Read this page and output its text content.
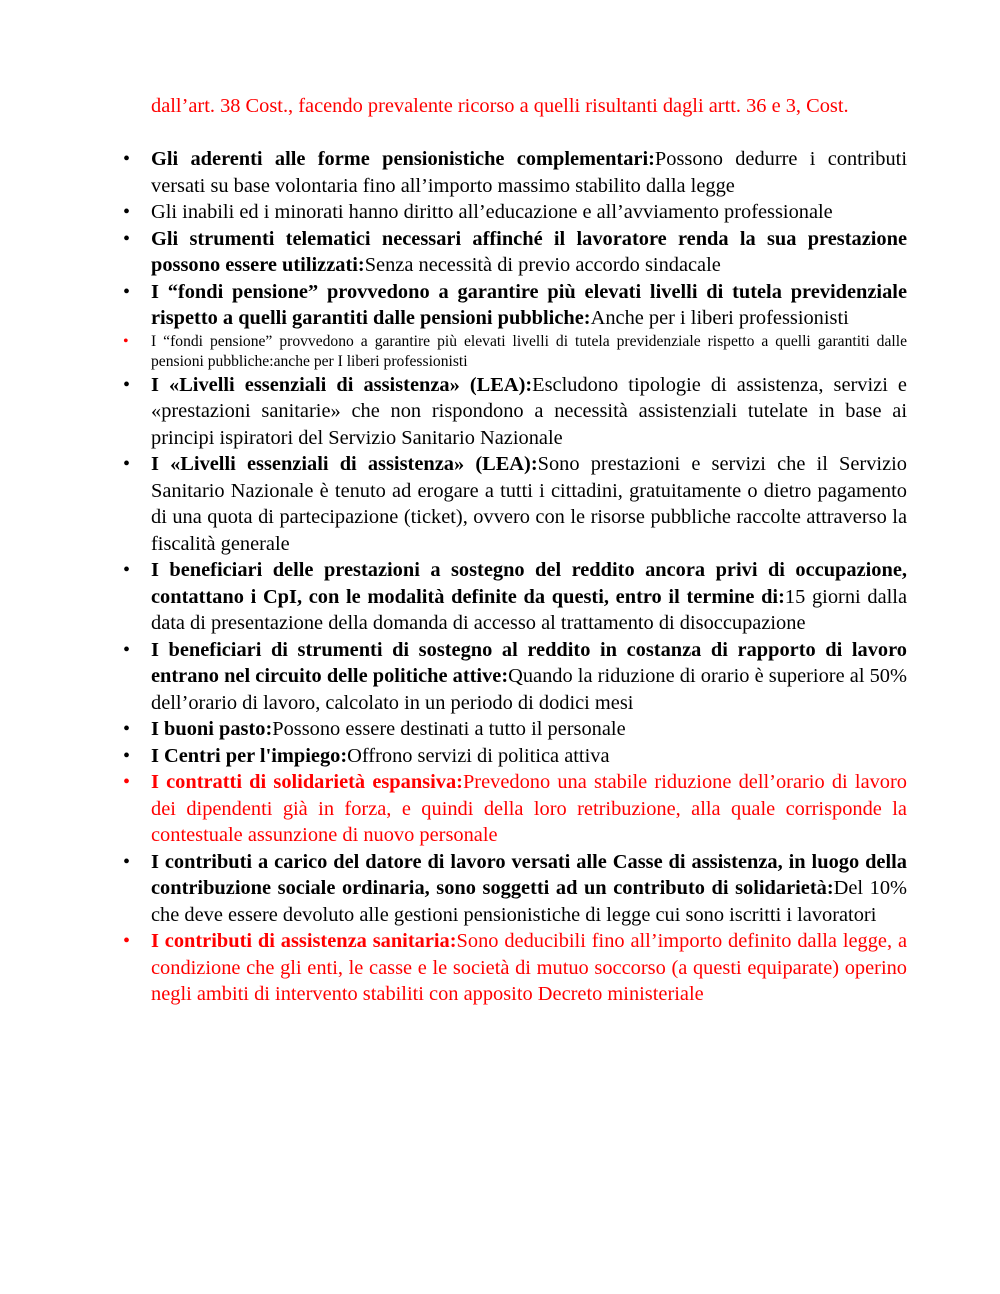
dall’art. 38 Cost., facendo prevalente ricorso a quelli risultanti dagli artt. 36 e 3, Cost.

• Gli aderenti alle forme pensionistiche complementari:Possono dedurre i contributi versati su base volontaria fino all’importo massimo stabilito dalla legge
• Gli inabili ed i minorati hanno diritto all’educazione e all’avviamento professionale
• Gli strumenti telematici necessari affinché il lavoratore renda la sua prestazione possono essere utilizzati:Senza necessità di previo accordo sindacale
• I “fondi pensione” provvedono a garantire più elevati livelli di tutela previdenziale rispetto a quelli garantiti dalle pensioni pubbliche:Anche per i liberi professionisti
• I “fondi pensione” provvedono a garantire più elevati livelli di tutela previdenziale rispetto a quelli garantiti dalle pensioni pubbliche:anche per I liberi professionisti
• I «Livelli essenziali di assistenza» (LEA):Escludono tipologie di assistenza, servizi e «prestazioni sanitarie» che non rispondono a necessità assistenziali tutelate in base ai principi ispiratori del Servizio Sanitario Nazionale
• I «Livelli essenziali di assistenza» (LEA):Sono prestazioni e servizi che il Servizio Sanitario Nazionale è tenuto ad erogare a tutti i cittadini, gratuitamente o dietro pagamento di una quota di partecipazione (ticket), ovvero con le risorse pubbliche raccolte attraverso la fiscalità generale
• I beneficiari delle prestazioni a sostegno del reddito ancora privi di occupazione, contattano i CpI, con le modalità definite da questi, entro il termine di:15 giorni dalla data di presentazione della domanda di accesso al trattamento di disoccupazione
• I beneficiari di strumenti di sostegno al reddito in costanza di rapporto di lavoro entrano nel circuito delle politiche attive:Quando la riduzione di orario è superiore al 50% dell’orario di lavoro, calcolato in un periodo di dodici mesi
• I buoni pasto:Possono essere destinati a tutto il personale
• I Centri per l'impiego:Offrono servizi di politica attiva
• I contratti di solidarietà espansiva:Prevedono una stabile riduzione dell’orario di lavoro dei dipendenti già in forza, e quindi della loro retribuzione, alla quale corrisponde la contestuale assunzione di nuovo personale
• I contributi a carico del datore di lavoro versati alle Casse di assistenza, in luogo della contribuzione sociale ordinaria, sono soggetti ad un contributo di solidarietà:Del 10% che deve essere devoluto alle gestioni pensionistiche di legge cui sono iscritti i lavoratori
• I contributi di assistenza sanitaria:Sono deducibili fino all’importo definito dalla legge, a condizione che gli enti, le casse e le società di mutuo soccorso (a questi equiparate) operino negli ambiti di intervento stabiliti con apposito Decreto ministeriale
